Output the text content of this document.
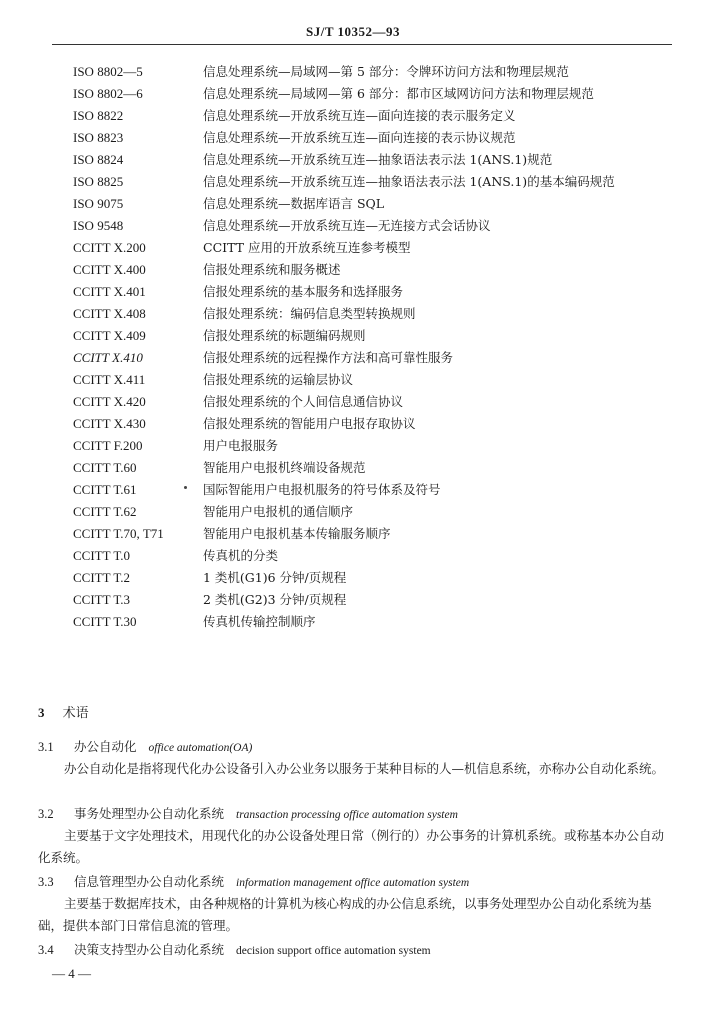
SJ/T 10352—93
ISO 8802—5	信息处理系统—局域网—第 5 部分：令牌环访问方法和物理层规范
ISO 8802—6	信息处理系统—局域网—第 6 部分：都市区域网访问方法和物理层规范
ISO 8822	信息处理系统—开放系统互连—面向连接的表示服务定义
ISO 8823	信息处理系统—开放系统互连—面向连接的表示协议规范
ISO 8824	信息处理系统—开放系统互连—抽象语法表示法 1(ANS.1)规范
ISO 8825	信息处理系统—开放系统互连—抽象语法表示法 1(ANS.1)的基本编码规范
ISO 9075	信息处理系统—数据库语言 SQL
ISO 9548	信息处理系统—开放系统互连—无连接方式会话协议
CCITT X.200	CCITT 应用的开放系统互连参考模型
CCITT X.400	信报处理系统和服务概述
CCITT X.401	信报处理系统的基本服务和选择服务
CCITT X.408	信报处理系统：编码信息类型转换规则
CCITT X.409	信报处理系统的标题编码规则
CCITT X.410	信报处理系统的远程操作方法和高可靠性服务
CCITT X.411	信报处理系统的运输层协议
CCITT X.420	信报处理系统的个人间信息通信协议
CCITT X.430	信报处理系统的智能用户电报存取协议
CCITT F.200	用户电报服务
CCITT T.60	智能用户电报机终端设备规范
CCITT T.61	国际智能用户电报机服务的符号体系及符号
CCITT T.62	智能用户电报机的通信顺序
CCITT T.70, T71	智能用户电报机基本传输服务顺序
CCITT T.0	传真机的分类
CCITT T.2	1 类机(G1)6 分钟/页规程
CCITT T.3	2 类机(G2)3 分钟/页规程
CCITT T.30	传真机传输控制顺序
3 术语
3.1 办公自动化 office automation(OA)
办公自动化是指将现代化办公设备引入办公业务以服务于某种目标的人—机信息系统，亦称办公自动化系统。
3.2 事务处理型办公自动化系统 transaction processing office automation system
主要基于文字处理技术，用现代化的办公设备处理日常（例行的）办公事务的计算机系统。或称基本办公自动化系统。
3.3 信息管理型办公自动化系统 information management office automation system
主要基于数据库技术，由各种规格的计算机为核心构成的办公信息系统，以事务处理型办公自动化系统为基础，提供本部门日常信息流的管理。
3.4 决策支持型办公自动化系统 decision support office automation system
— 4 —
